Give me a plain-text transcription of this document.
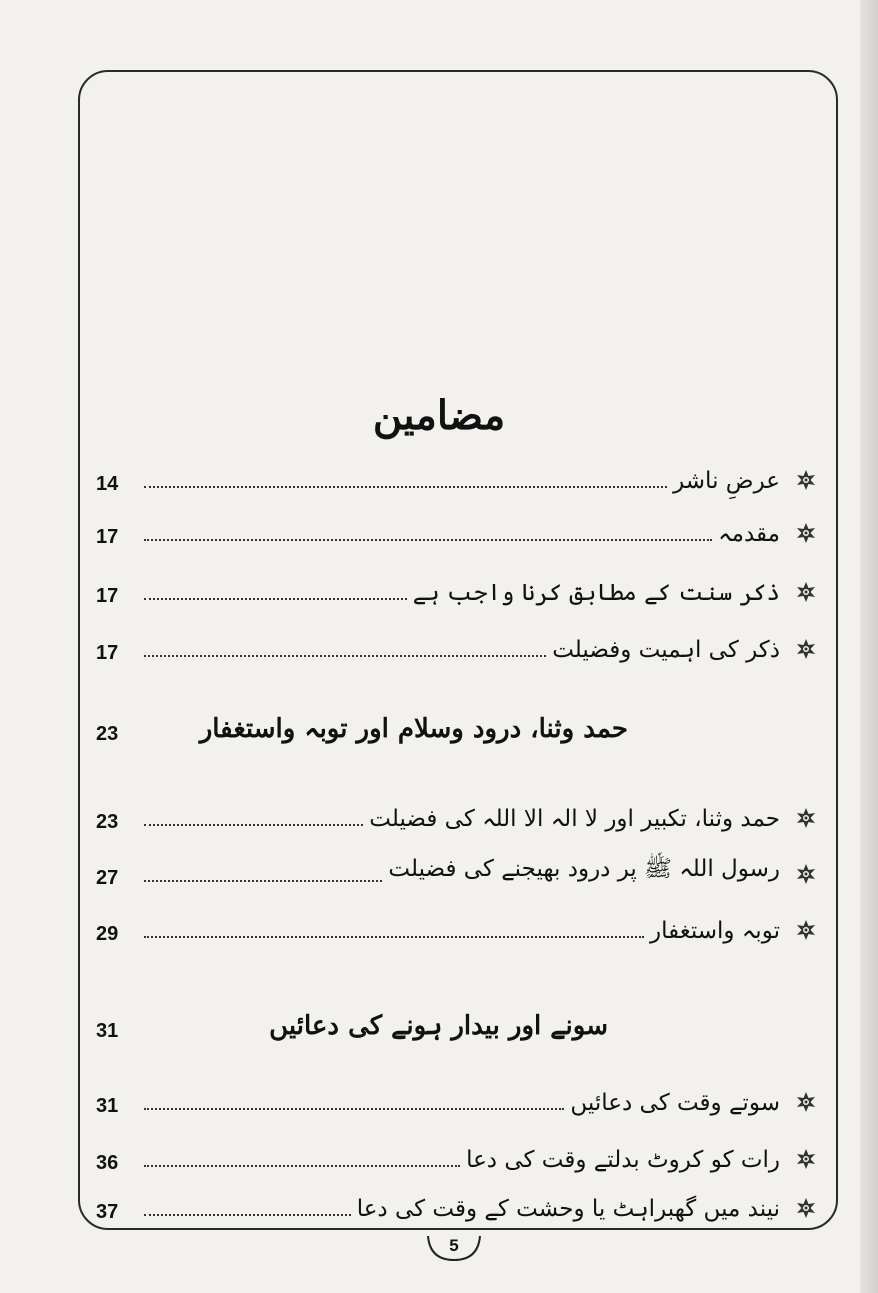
مضامین
عرضِ ناشر
14
مقدمہ
17
ذکر سنت کے مطابق کرنا واجب ہے
17
ذکر کی اہمیت وفضیلت
17
حمد وثنا، درود وسلام اور توبہ واستغفار
23
حمد وثنا، تکبیر اور لا الہ الا اللہ کی فضیلت
23
رسول اللہ ﷺ پر درود بھیجنے کی فضیلت
27
توبہ واستغفار
29
سونے اور بیدار ہونے کی دعائیں
31
سوتے وقت کی دعائیں
31
رات کو کروٹ بدلتے وقت کی دعا
36
نیند میں گھبراہٹ یا وحشت کے وقت کی دعا
37
5
